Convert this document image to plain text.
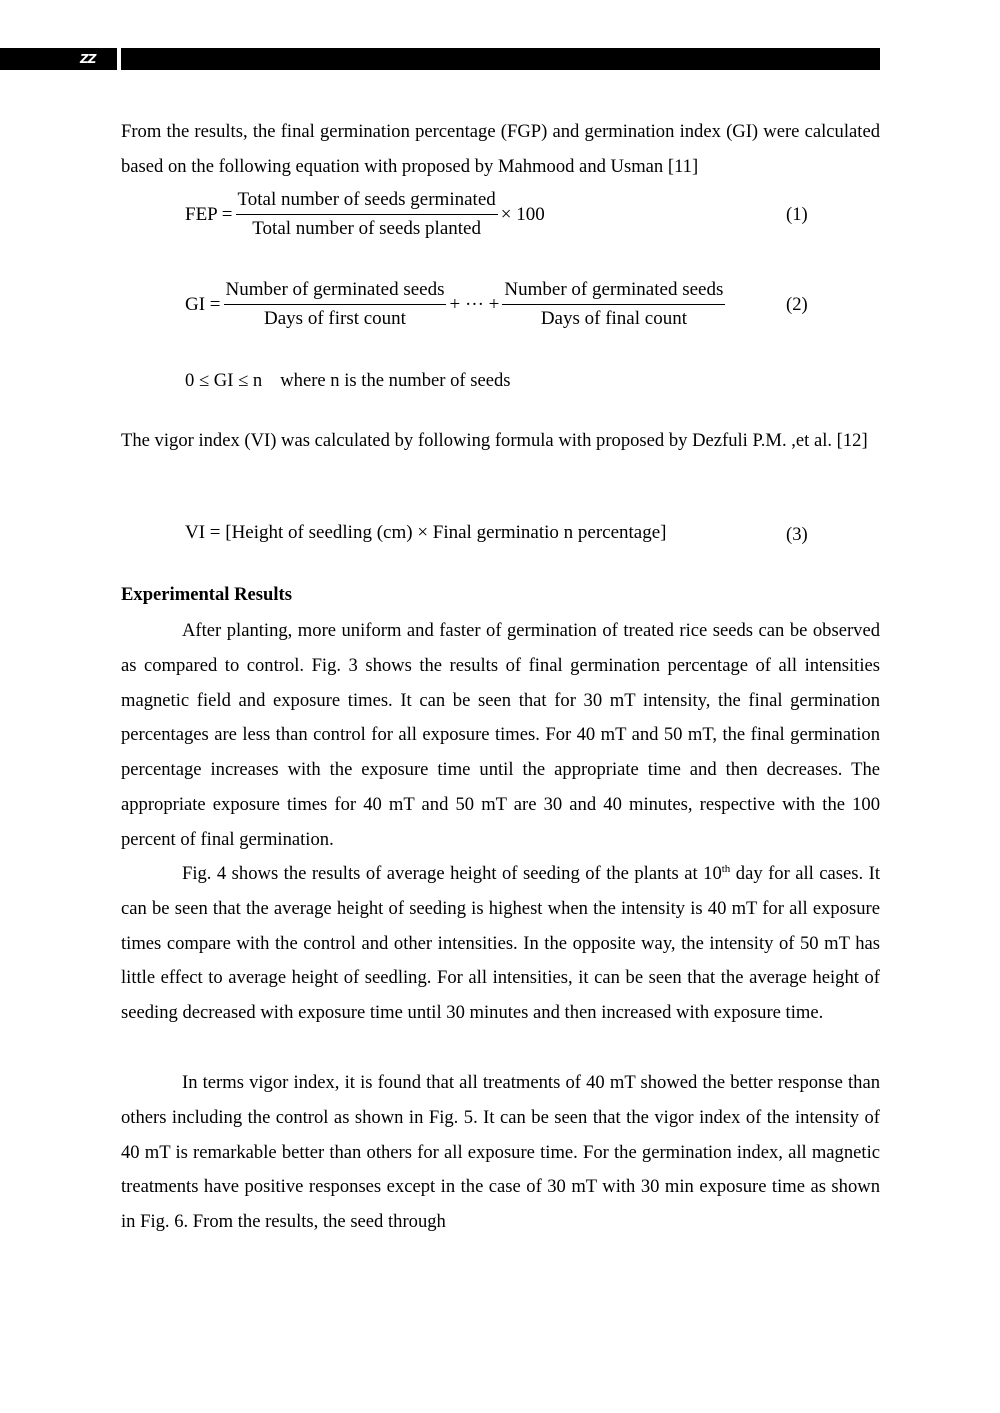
ZZ

From the results, the final germination percentage (FGP) and germination index (GI) were calculated based on the following equation with proposed by Mahmood and Usman [11]

FEP = $\frac{\text{Total number of seeds germinated}}{\text{Total number of seeds planted}} \times 100$	(1)
GI = $\frac{\text{Number of germinated seeds}}{\text{Days of first count}}$ + ··· + $\frac{\text{Number of germinated seeds}}{\text{Days of final count}}$	(2)
0 ≤ GI ≤ n where n is the number of seeds

The vigor index (VI) was calculated by following formula with proposed by Dezfuli P.M. ,et al. [12]

VI = [Height of seedling (cm) × Final germinatio n percentage]	(3)
Experimental Results

After planting, more uniform and faster of germination of treated rice seeds can be observed as compared to control. Fig. 3 shows the results of final germination percentage of all intensities magnetic field and exposure times. It can be seen that for 30 mT intensity, the final germination percentages are less than control for all exposure times. For 40 mT and 50 mT, the final germination percentage increases with the exposure time until the appropriate time and then decreases. The appropriate exposure times for 40 mT and 50 mT are 30 and 40 minutes, respective with the 100 percent of final germination.

Fig. 4 shows the results of average height of seeding of the plants at 10th day for all cases. It can be seen that the average height of seeding is highest when the intensity is 40 mT for all exposure times compare with the control and other intensities. In the opposite way, the intensity of 50 mT has little effect to average height of seedling. For all intensities, it can be seen that the average height of seeding decreased with exposure time until 30 minutes and then increased with exposure time.

In terms vigor index, it is found that all treatments of 40 mT showed the better response than others including the control as shown in Fig. 5. It can be seen that the vigor index of the intensity of 40 mT is remarkable better than others for all exposure time. For the germination index, all magnetic treatments have positive responses except in the case of 30 mT with 30 min exposure time as shown in Fig. 6. From the results, the seed through
